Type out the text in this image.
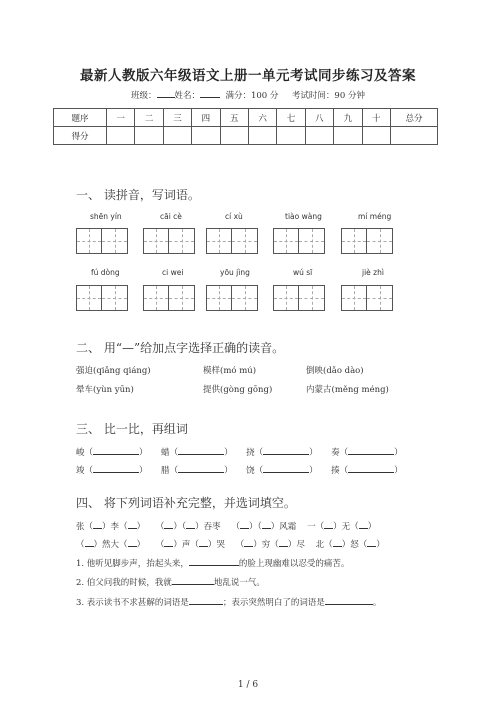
最新人教版六年级语文上册一单元考试同步练习及答案
班级： 姓名：	满分：100 分 考试时间：90 分钟
题序	一	二	三	四	五	六	七	八	九	十	总分
得分											
一、 读拼音，写词语。
shēn yín	cāi cè	cí xù	tiào wàng	mí méng
fú dòng	ci wei	yōu jìng	wú sī	jiè zhì
二、 用“—”给加点字选择正确的读音。
强迫(qiǎng qiáng)	模样(mó mú)	倒映(dǎo dào)
晕车(yùn yūn)	提供(gòng gōng)	内蒙古(měng méng)
三、 比一比，再组词
峻（	）     蜡（	）     挠（	）     奏（	）
竣（	）     腊（	）     饶（	）     揍（	）
四、 将下列词语补充完整，并选词填空。
张（ ）李（ ）    （ ）（ ）吞枣    （ ）（ ）风霜 一（ ）无（ ）
（ ）然大（ ）    （ ）声（ ）哭    （ ）穷（ ）尽 北（ ）怒（ ）
1. 他听见脚步声，抬起头来，	的脸上现幽难以忍受的痛苦。
2. 伯父问我的时候，我就	地乱说一气。
3. 表示读书不求甚解的词语是	；表示突然明白了的词语是	。
1 / 6
